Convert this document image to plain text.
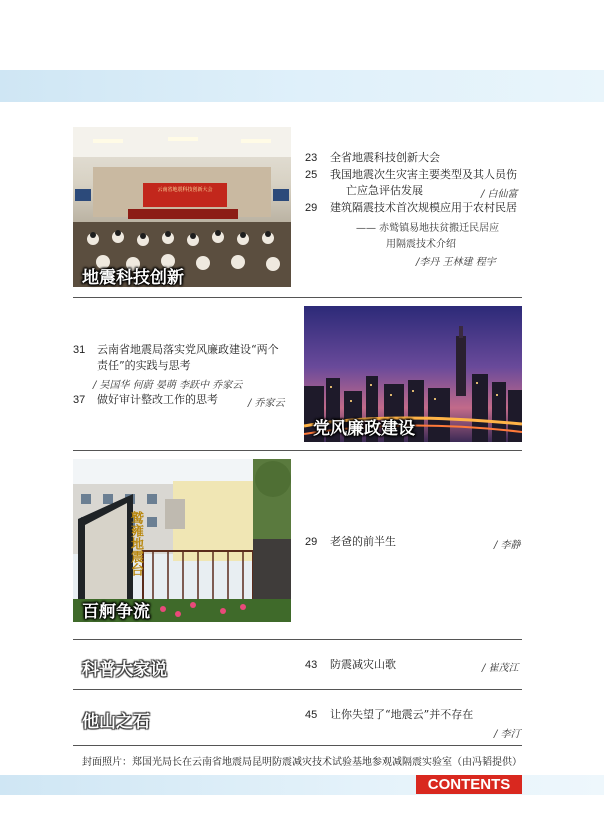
云南省地震科技创新大会
地震科技创新
23 全省地震科技创新大会
25 我国地震次生灾害主要类型及其人员伤
亡应急评估发展	/ 白仙富
29 建筑隔震技术首次规模应用于农村民居
—— 赤鹫镇易地扶贫搬迁民居应
用隔震技术介绍
/李丹 王林建 程宇
31 云南省地震局落实党风廉政建设“两个
责任”的实践与思考
/ 吴国华 何蔚 晏萌 李跃中 乔家云
37 做好审计整改工作的思考	/ 乔家云
党风廉政建设
鹫雍地震台
百舸争流
29 老爸的前半生	/ 李静
科普大家说	43 防震减灾山歌	/ 崔茂江
他山之石	45 让你失望了“地震云”并不存在
/ 李汀
封面照片：郑国光局长在云南省地震局昆明防震减灾技术试验基地参观减隔震实验室（由冯韬提供）
CONTENTS
